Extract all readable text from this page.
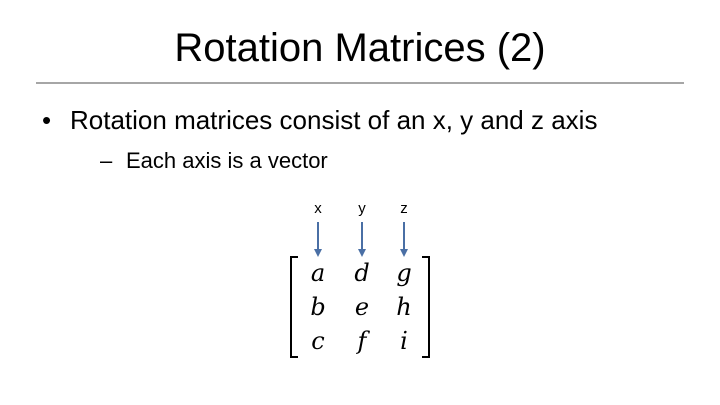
Rotation Matrices (2)
• Rotation matrices consist of an x, y and z axis
– Each axis is a vector
x	y	z
a	d	g
b	e	h
c	f	i
